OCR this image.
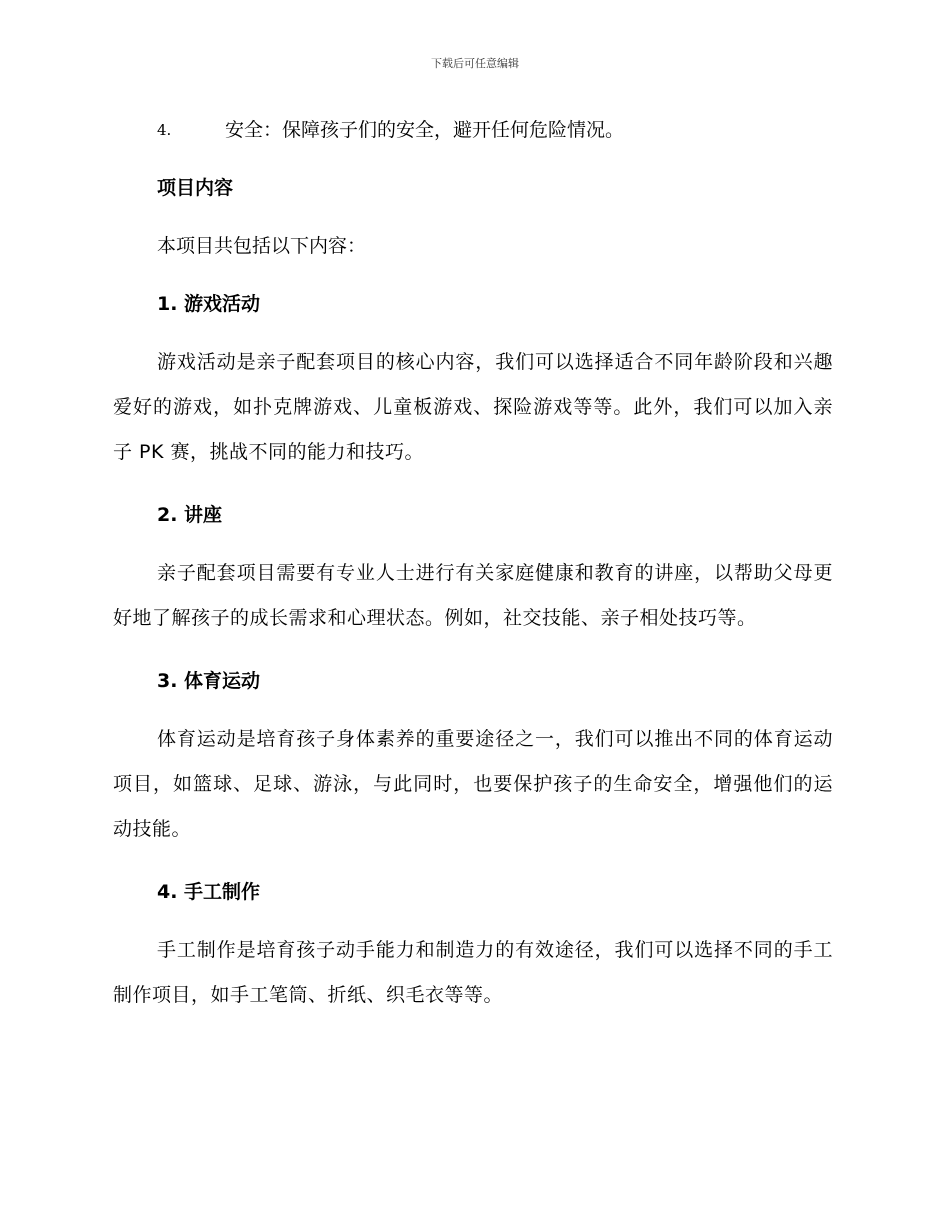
下载后可任意编辑
4.	安全：保障孩子们的安全，避开任何危险情况。
项目内容
本项目共包括以下内容：
1. 游戏活动
游戏活动是亲子配套项目的核心内容，我们可以选择适合不同年龄阶段和兴趣爱好的游戏，如扑克牌游戏、儿童板游戏、探险游戏等等。此外，我们可以加入亲子 PK 赛，挑战不同的能力和技巧。
2. 讲座
亲子配套项目需要有专业人士进行有关家庭健康和教育的讲座，以帮助父母更好地了解孩子的成长需求和心理状态。例如，社交技能、亲子相处技巧等。
3. 体育运动
体育运动是培育孩子身体素养的重要途径之一，我们可以推出不同的体育运动项目，如篮球、足球、游泳，与此同时，也要保护孩子的生命安全，增强他们的运动技能。
4. 手工制作
手工制作是培育孩子动手能力和制造力的有效途径，我们可以选择不同的手工制作项目，如手工笔筒、折纸、织毛衣等等。
